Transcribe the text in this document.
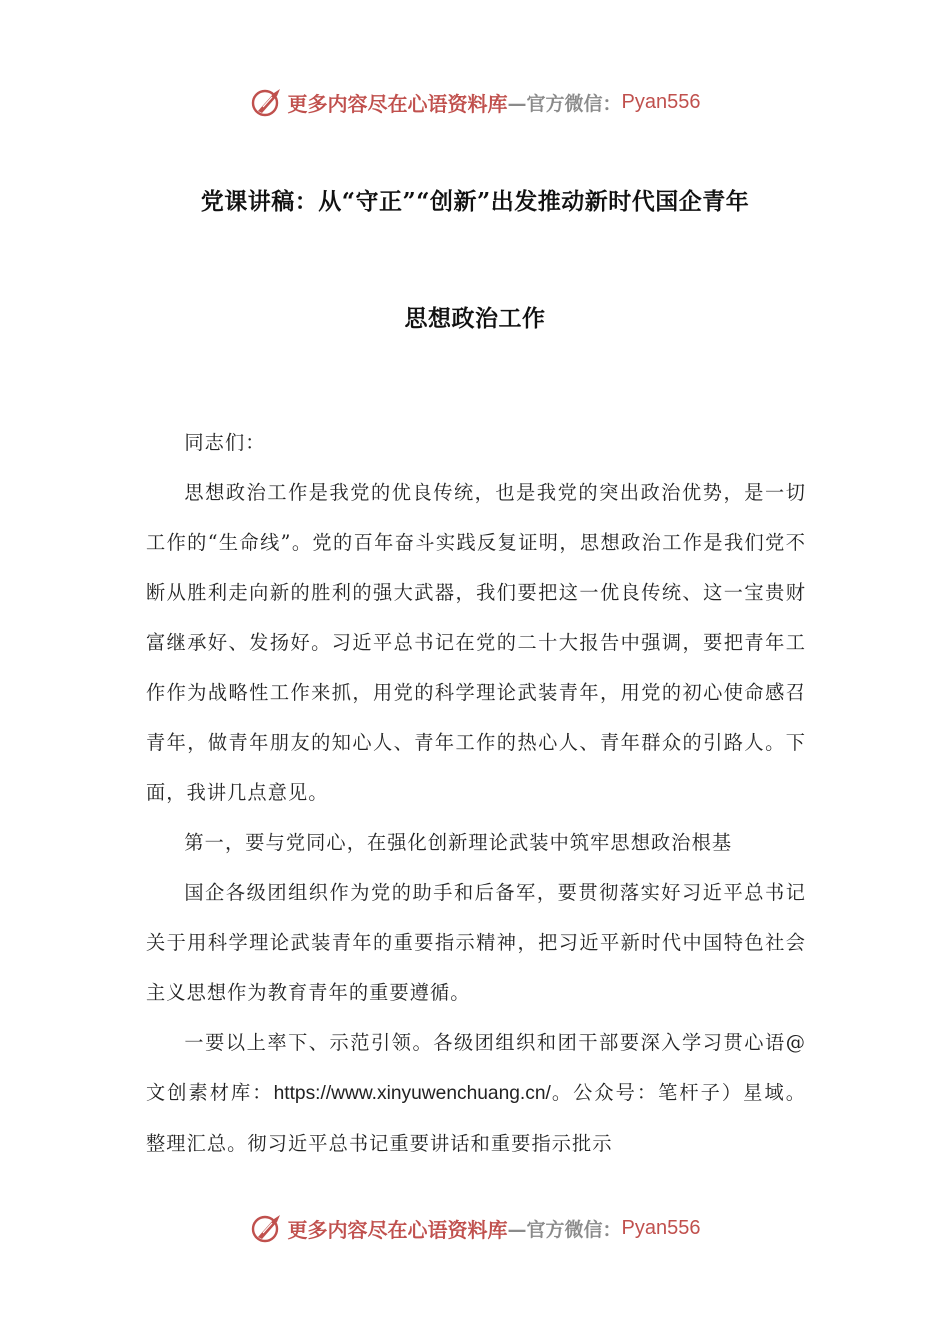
更多内容尽在心语资料库 —官方微信： Pyan556
党课讲稿：从“守正”“创新”出发推动新时代国企青年
思想政治工作

同志们：

思想政治工作是我党的优良传统，也是我党的突出政治优势，是一切工作的“生命线”。党的百年奋斗实践反复证明，思想政治工作是我们党不断从胜利走向新的胜利的强大武器，我们要把这一优良传统、这一宝贵财富继承好、发扬好。习近平总书记在党的二十大报告中强调，要把青年工作作为战略性工作来抓，用党的科学理论武装青年，用党的初心使命感召青年，做青年朋友的知心人、青年工作的热心人、青年群众的引路人。下面，我讲几点意见。

第一，要与党同心，在强化创新理论武装中筑牢思想政治根基

国企各级团组织作为党的助手和后备军，要贯彻落实好习近平总书记关于用科学理论武装青年的重要指示精神，把习近平新时代中国特色社会主义思想作为教育青年的重要遵循。

一要以上率下、示范引领。各级团组织和团干部要深入学习贯心语@文创素材库：https://www.xinyuwenchuang.cn/。公众号：笔杆子）星域。整理汇总。彻习近平总书记重要讲话和重要指示批示

更多内容尽在心语资料库 —官方微信： Pyan556
